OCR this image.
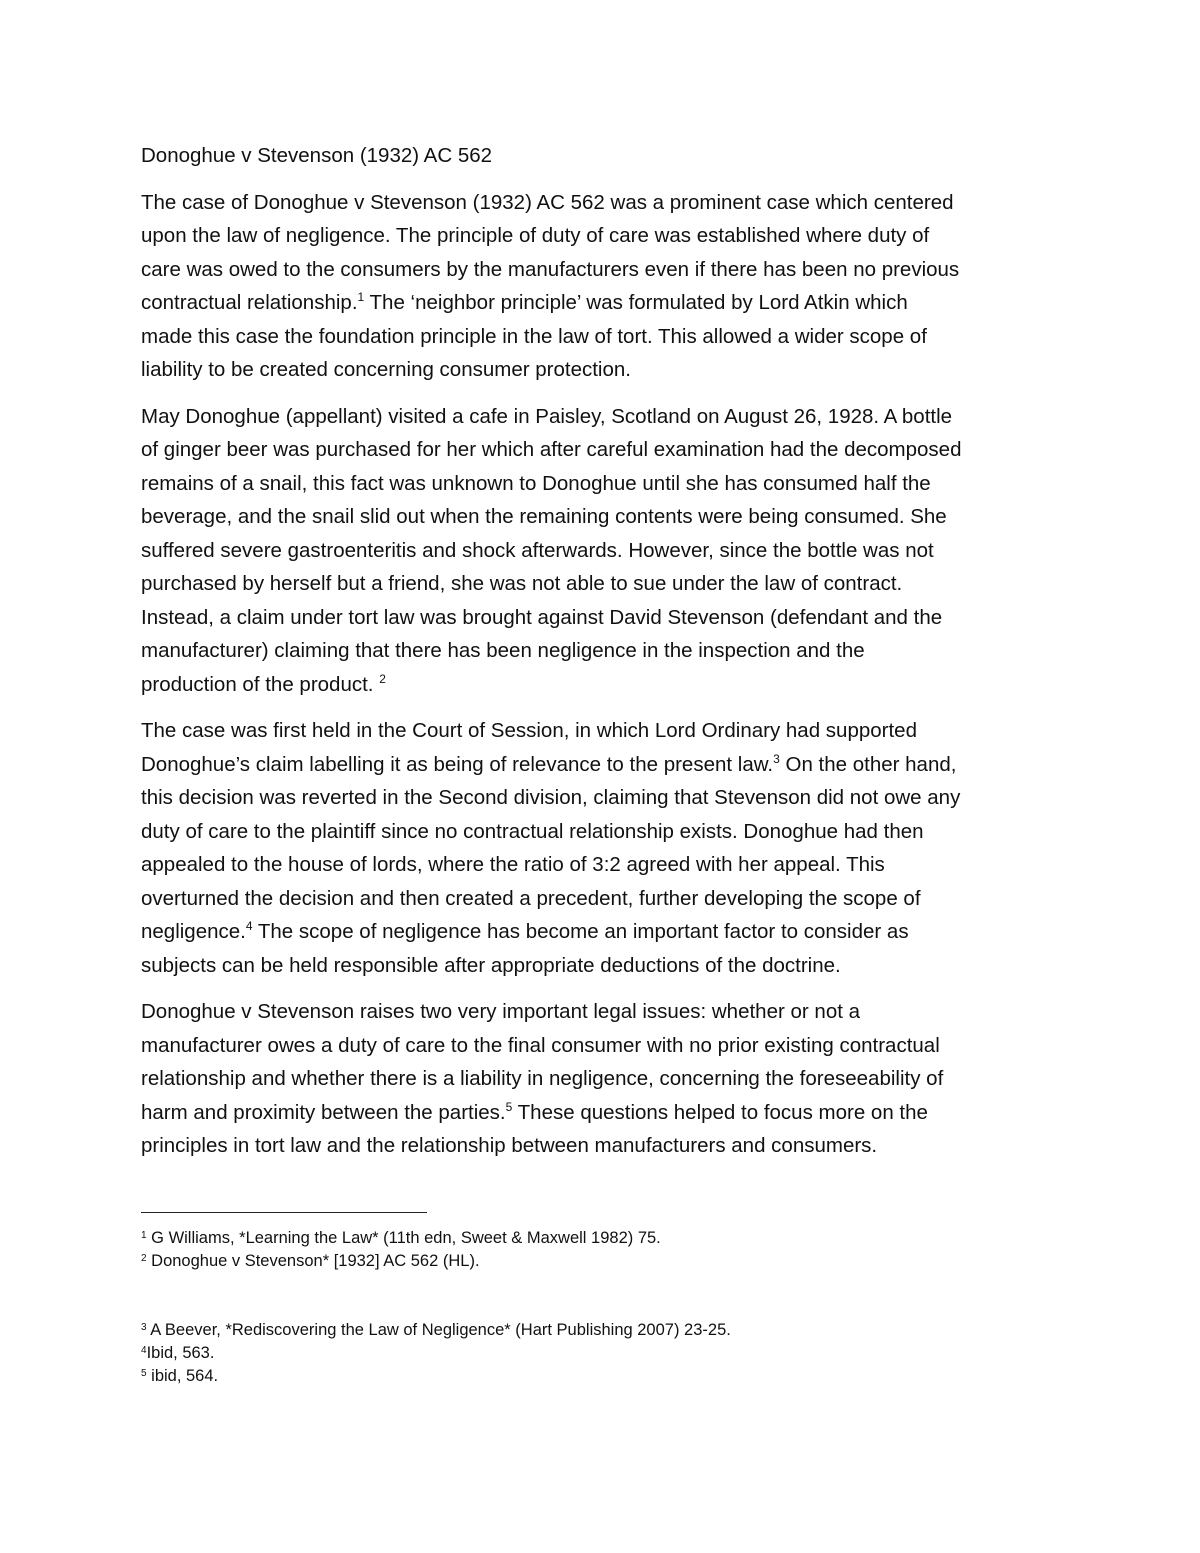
Donoghue v Stevenson (1932) AC 562

The case of Donoghue v Stevenson (1932) AC 562 was a prominent case which centered
upon the law of negligence. The principle of duty of care was established where duty of
care was owed to the consumers by the manufacturers even if there has been no previous
contractual relationship.$^1$ The ‘neighbor principle’ was formulated by Lord Atkin which
made this case the foundation principle in the law of tort. This allowed a wider scope of
liability to be created concerning consumer protection.

May Donoghue (appellant) visited a cafe in Paisley, Scotland on August 26, 1928. A bottle
of ginger beer was purchased for her which after careful examination had the decomposed
remains of a snail, this fact was unknown to Donoghue until she has consumed half the
beverage, and the snail slid out when the remaining contents were being consumed. She
suffered severe gastroenteritis and shock afterwards. However, since the bottle was not
purchased by herself but a friend, she was not able to sue under the law of contract.
Instead, a claim under tort law was brought against David Stevenson (defendant and the
manufacturer) claiming that there has been negligence in the inspection and the
production of the product. $^2$

The case was first held in the Court of Session, in which Lord Ordinary had supported
Donoghue’s claim labelling it as being of relevance to the present law.$^3$ On the other hand,
this decision was reverted in the Second division, claiming that Stevenson did not owe any
duty of care to the plaintiff since no contractual relationship exists. Donoghue had then
appealed to the house of lords, where the ratio of 3:2 agreed with her appeal. This
overturned the decision and then created a precedent, further developing the scope of
negligence.$^4$ The scope of negligence has become an important factor to consider as
subjects can be held responsible after appropriate deductions of the doctrine.

Donoghue v Stevenson raises two very important legal issues: whether or not a
manufacturer owes a duty of care to the final consumer with no prior existing contractual
relationship and whether there is a liability in negligence, concerning the foreseeability of
harm and proximity between the parties.$^5$ These questions helped to focus more on the
principles in tort law and the relationship between manufacturers and consumers.

$^1$ G Williams, *Learning the Law* (11th edn, Sweet & Maxwell 1982) 75.
$^2$ Donoghue v Stevenson* [1932] AC 562 (HL).
$^3$ A Beever, *Rediscovering the Law of Negligence* (Hart Publishing 2007) 23-25.
$^4$Ibid, 563.
$^5$ ibid, 564.
